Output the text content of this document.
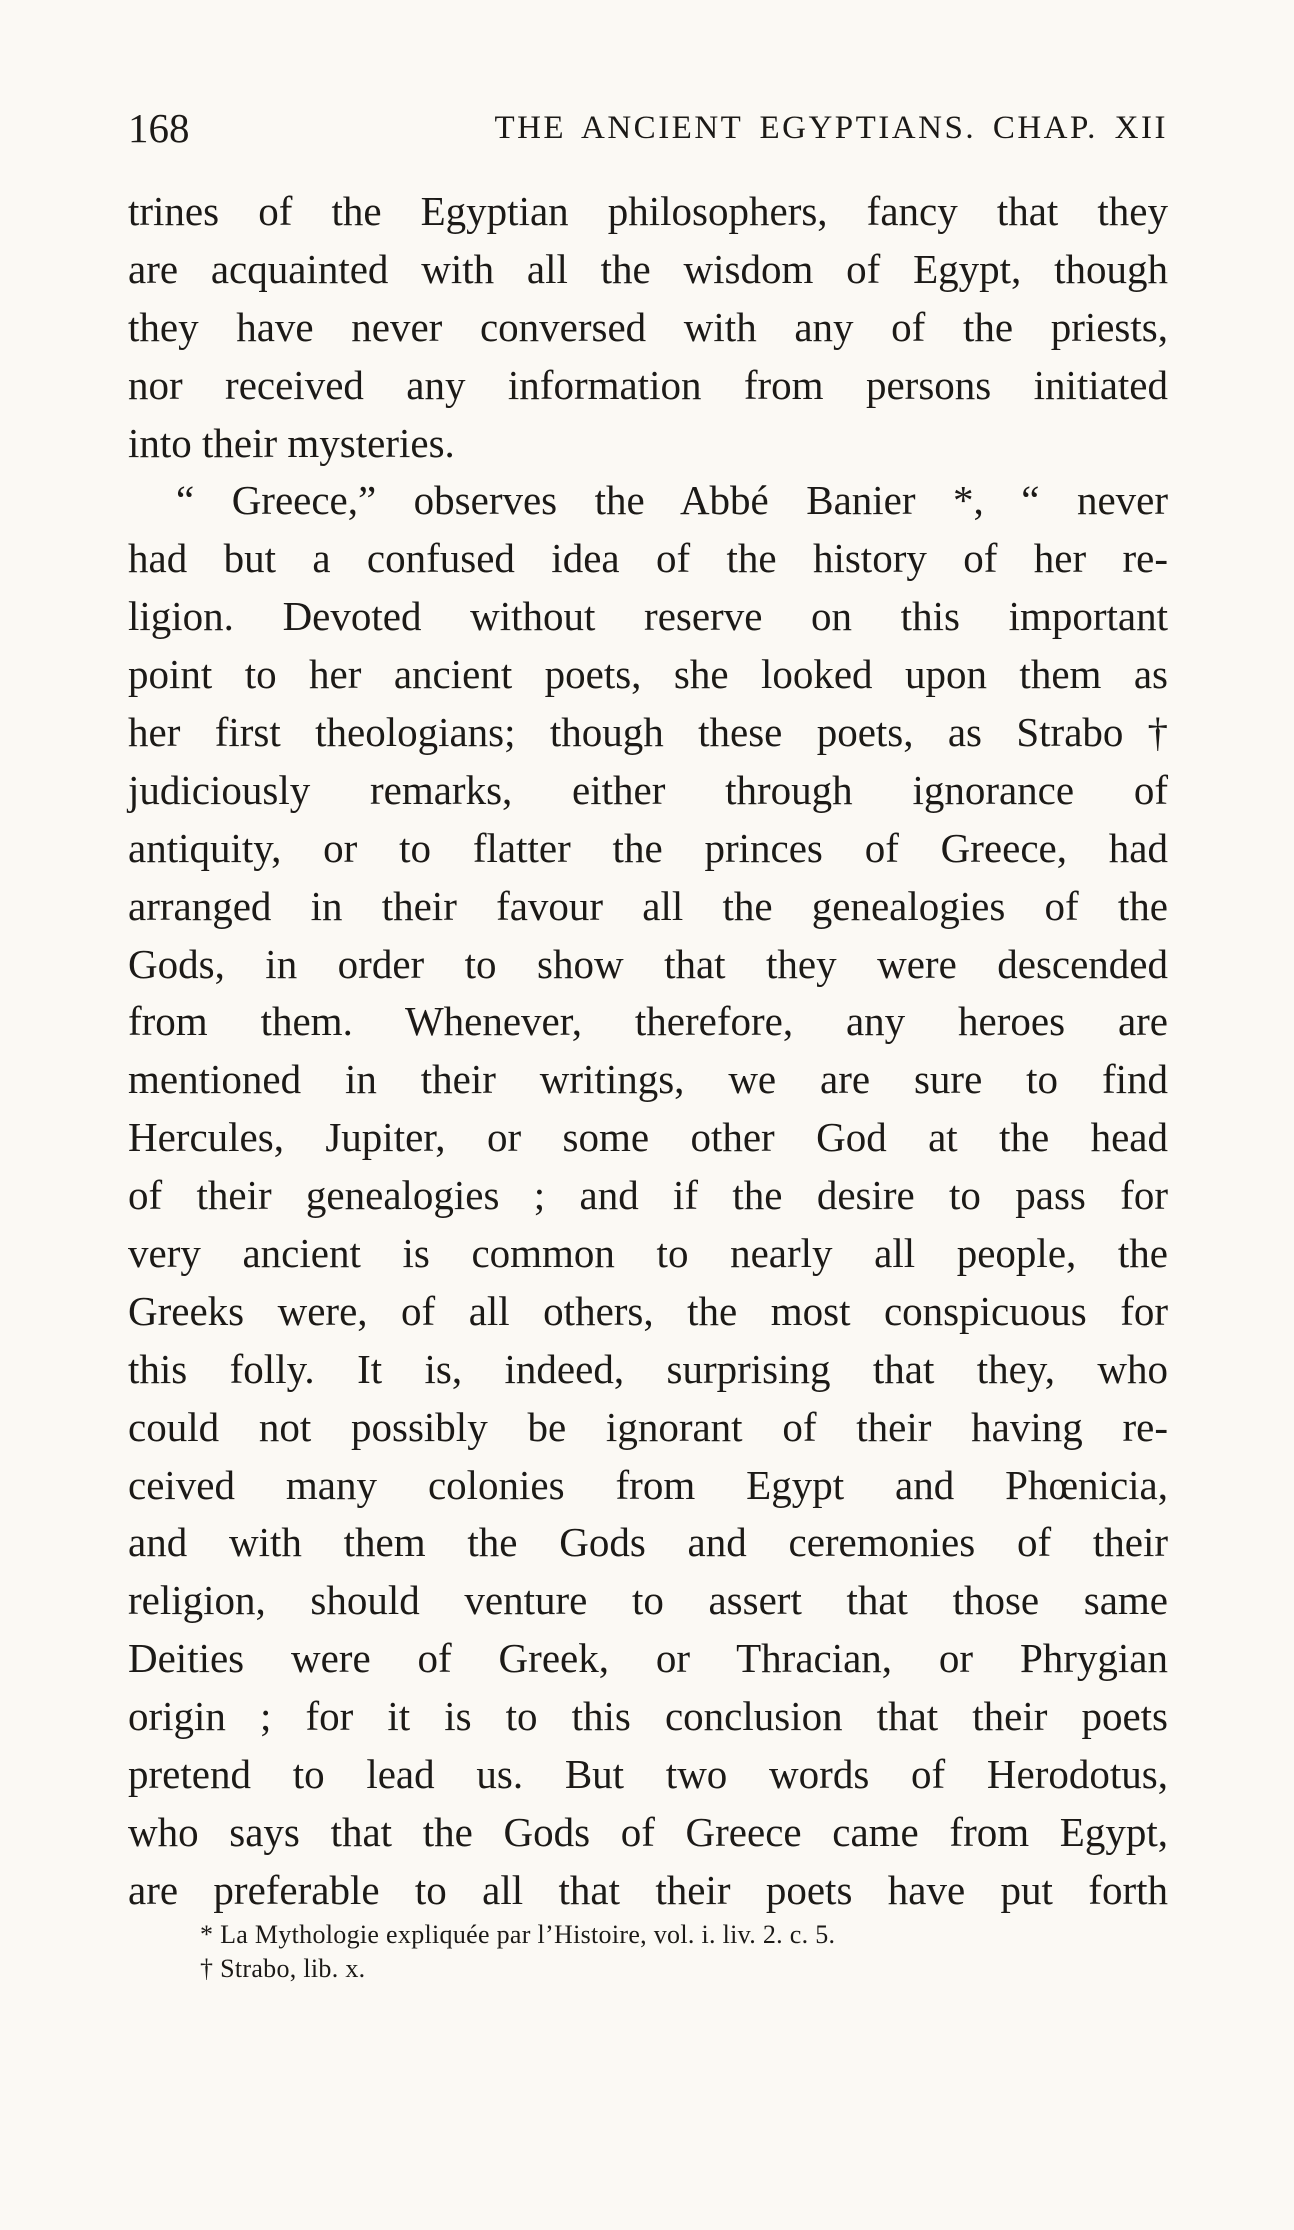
168	THE ANCIENT EGYPTIANS. CHAP. XII
trines of the Egyptian philosophers, fancy that they
are acquainted with all the wisdom of Egypt, though
they have never conversed with any of the priests,
nor received any information from persons initiated
into their mysteries.
“ Greece,” observes the Abbé Banier *, “ never
had but a confused idea of the history of her re-
ligion. Devoted without reserve on this important
point to her ancient poets, she looked upon them as
her first theologians; though these poets, as Strabo†
judiciously remarks, either through ignorance of
antiquity, or to flatter the princes of Greece, had
arranged in their favour all the genealogies of the
Gods, in order to show that they were descended
from them. Whenever, therefore, any heroes are
mentioned in their writings, we are sure to find
Hercules, Jupiter, or some other God at the head
of their genealogies ; and if the desire to pass for
very ancient is common to nearly all people, the
Greeks were, of all others, the most conspicuous for
this folly. It is, indeed, surprising that they, who
could not possibly be ignorant of their having re-
ceived many colonies from Egypt and Phœnicia,
and with them the Gods and ceremonies of their
religion, should venture to assert that those same
Deities were of Greek, or Thracian, or Phrygian
origin ; for it is to this conclusion that their poets
pretend to lead us. But two words of Herodotus,
who says that the Gods of Greece came from Egypt,
are preferable to all that their poets have put forth
* La Mythologie expliquée par l’Histoire, vol. i. liv. 2. c. 5.
† Strabo, lib. x.
